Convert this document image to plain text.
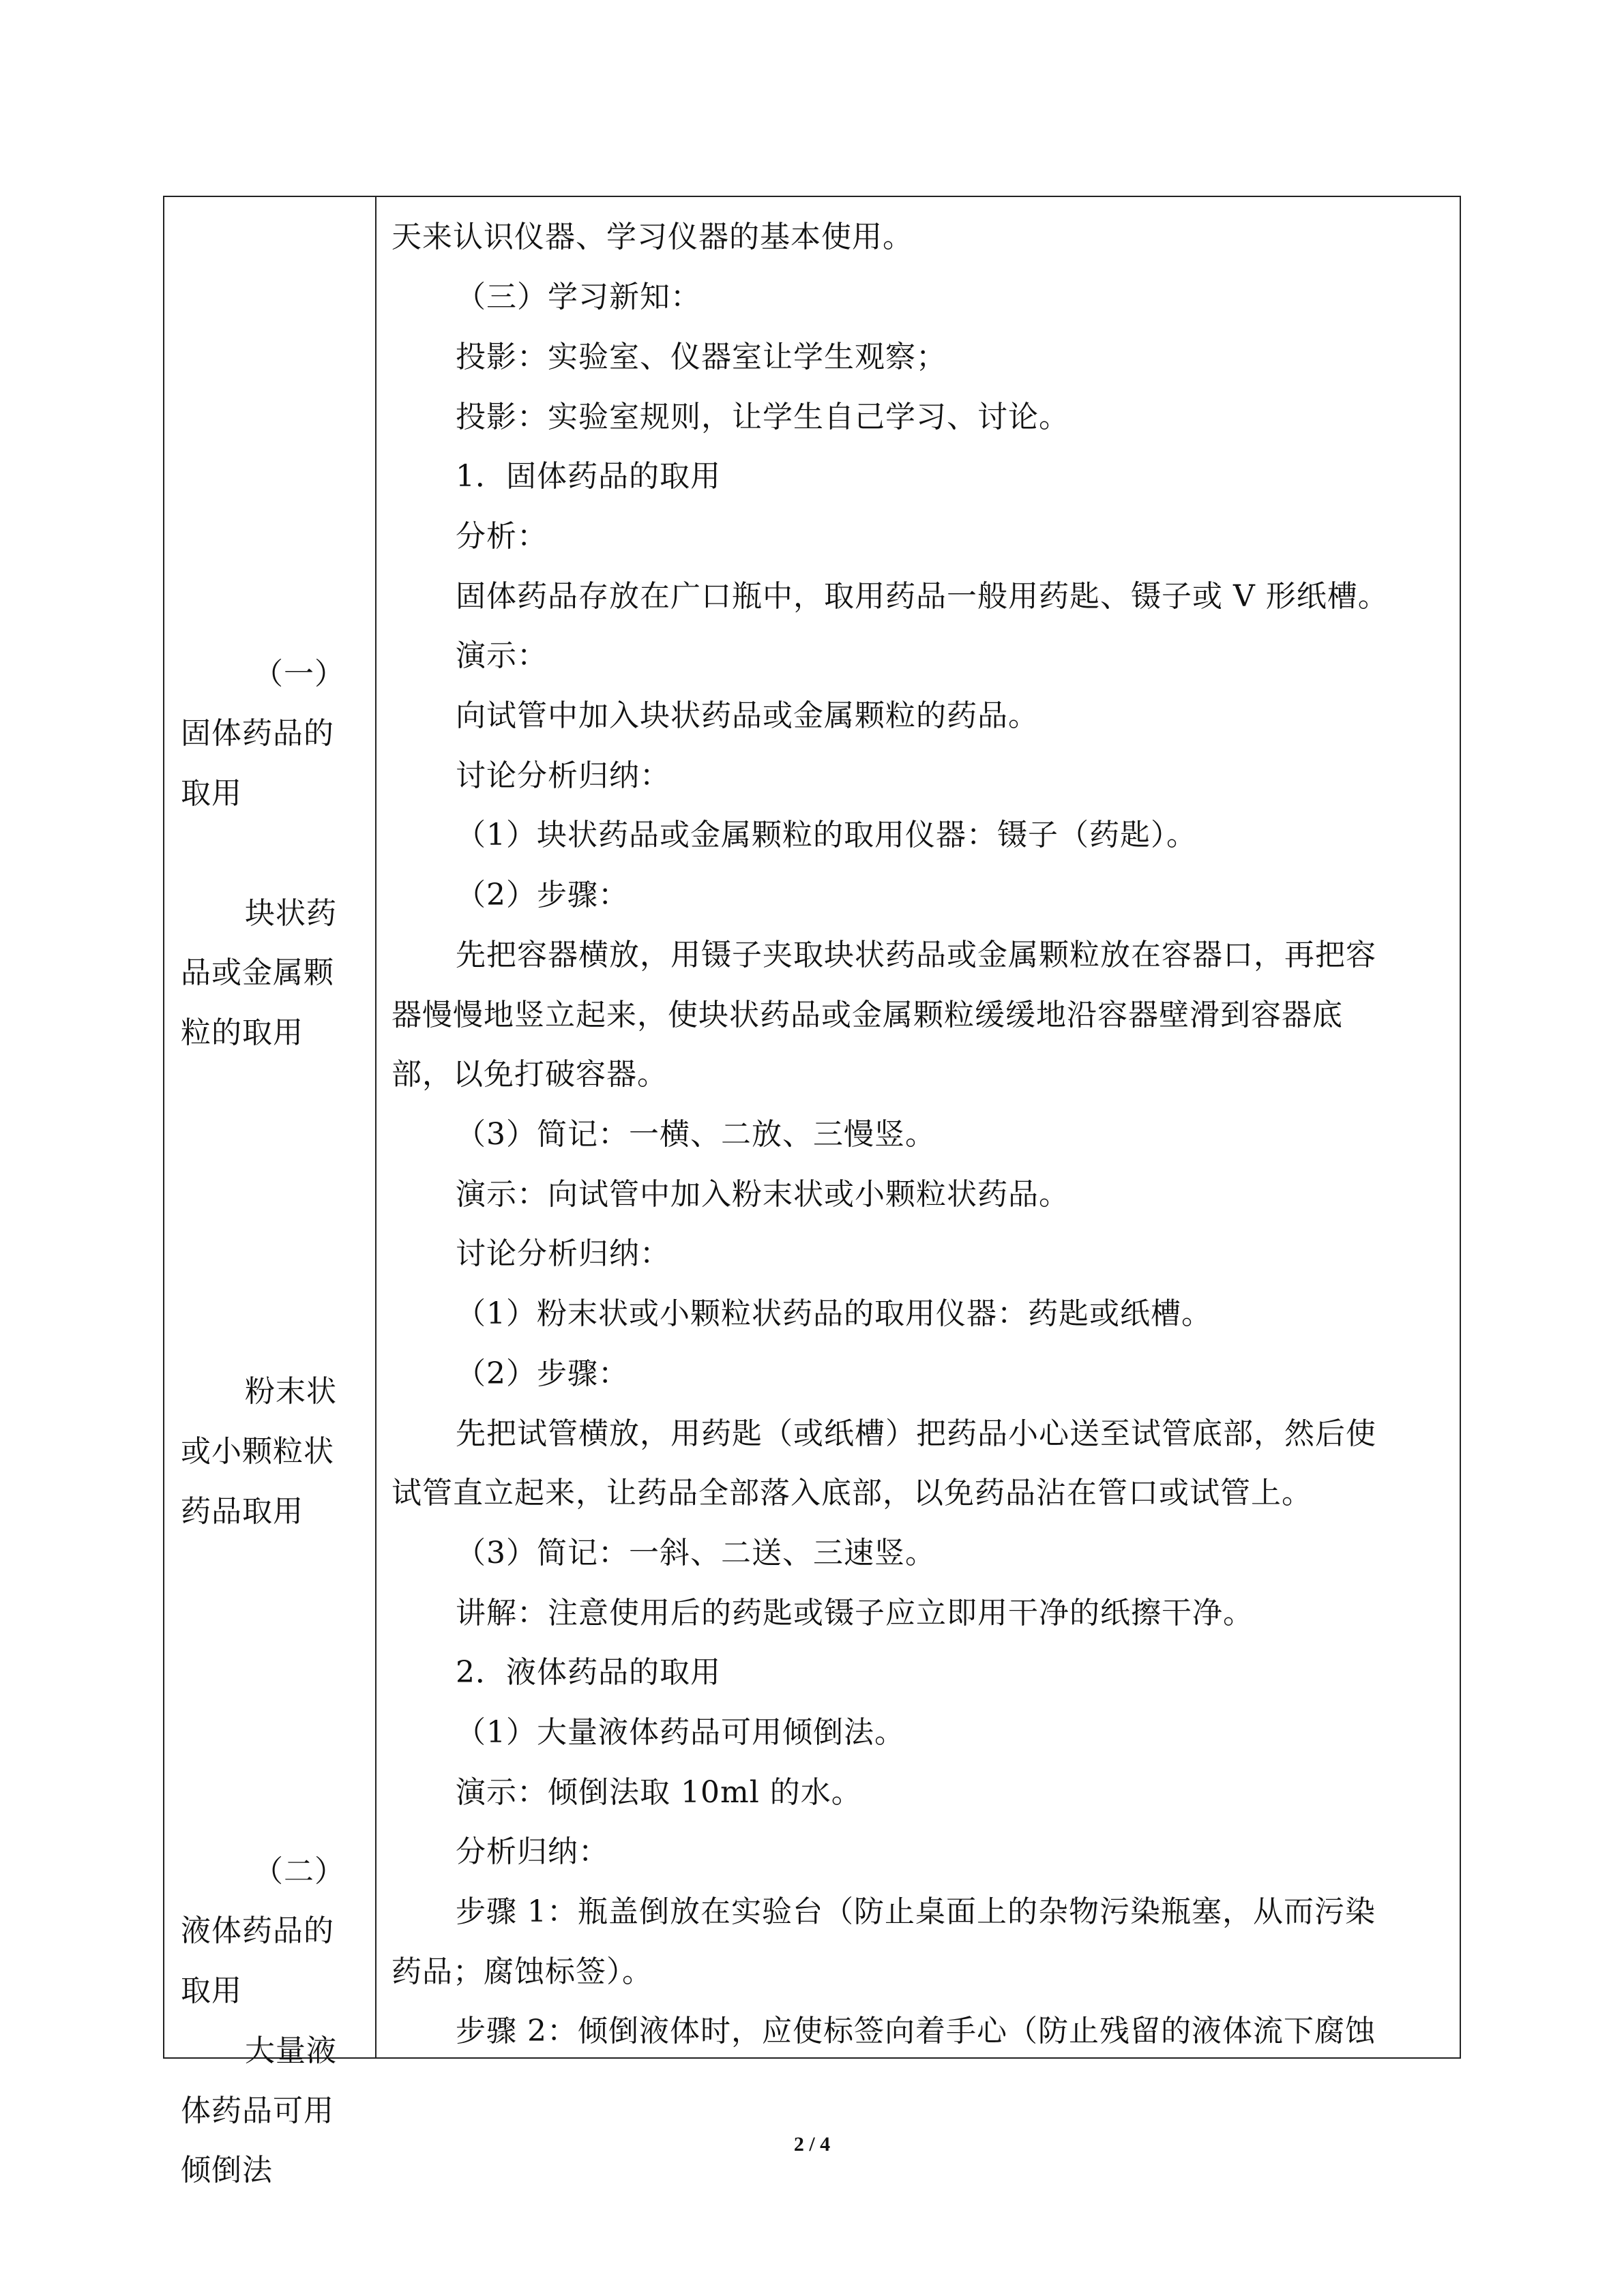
（一）
固体药品的
取用
块状药
品或金属颗
粒的取用
粉末状
或小颗粒状
药品取用
（二）
液体药品的
取用
大量液
体药品可用
倾倒法
天来认识仪器、学习仪器的基本使用。
（三）学习新知：
投影：实验室、仪器室让学生观察；
投影：实验室规则，让学生自己学习、讨论。
1．固体药品的取用
分析：
固体药品存放在广口瓶中，取用药品一般用药匙、镊子或 V 形纸槽。
演示：
向试管中加入块状药品或金属颗粒的药品。
讨论分析归纳：
（1）块状药品或金属颗粒的取用仪器：镊子（药匙）。
（2）步骤：
先把容器横放，用镊子夹取块状药品或金属颗粒放在容器口，再把容
器慢慢地竖立起来，使块状药品或金属颗粒缓缓地沿容器壁滑到容器底
部，以免打破容器。
（3）简记：一横、二放、三慢竖。
演示：向试管中加入粉末状或小颗粒状药品。
讨论分析归纳：
（1）粉末状或小颗粒状药品的取用仪器：药匙或纸槽。
（2）步骤：
先把试管横放，用药匙（或纸槽）把药品小心送至试管底部，然后使
试管直立起来，让药品全部落入底部，以免药品沾在管口或试管上。
（3）简记：一斜、二送、三速竖。
讲解：注意使用后的药匙或镊子应立即用干净的纸擦干净。
2．液体药品的取用
（1）大量液体药品可用倾倒法。
演示：倾倒法取 10ml 的水。
分析归纳：
步骤 1：瓶盖倒放在实验台（防止桌面上的杂物污染瓶塞，从而污染
药品；腐蚀标签）。
步骤 2：倾倒液体时，应使标签向着手心（防止残留的液体流下腐蚀
2 / 4
